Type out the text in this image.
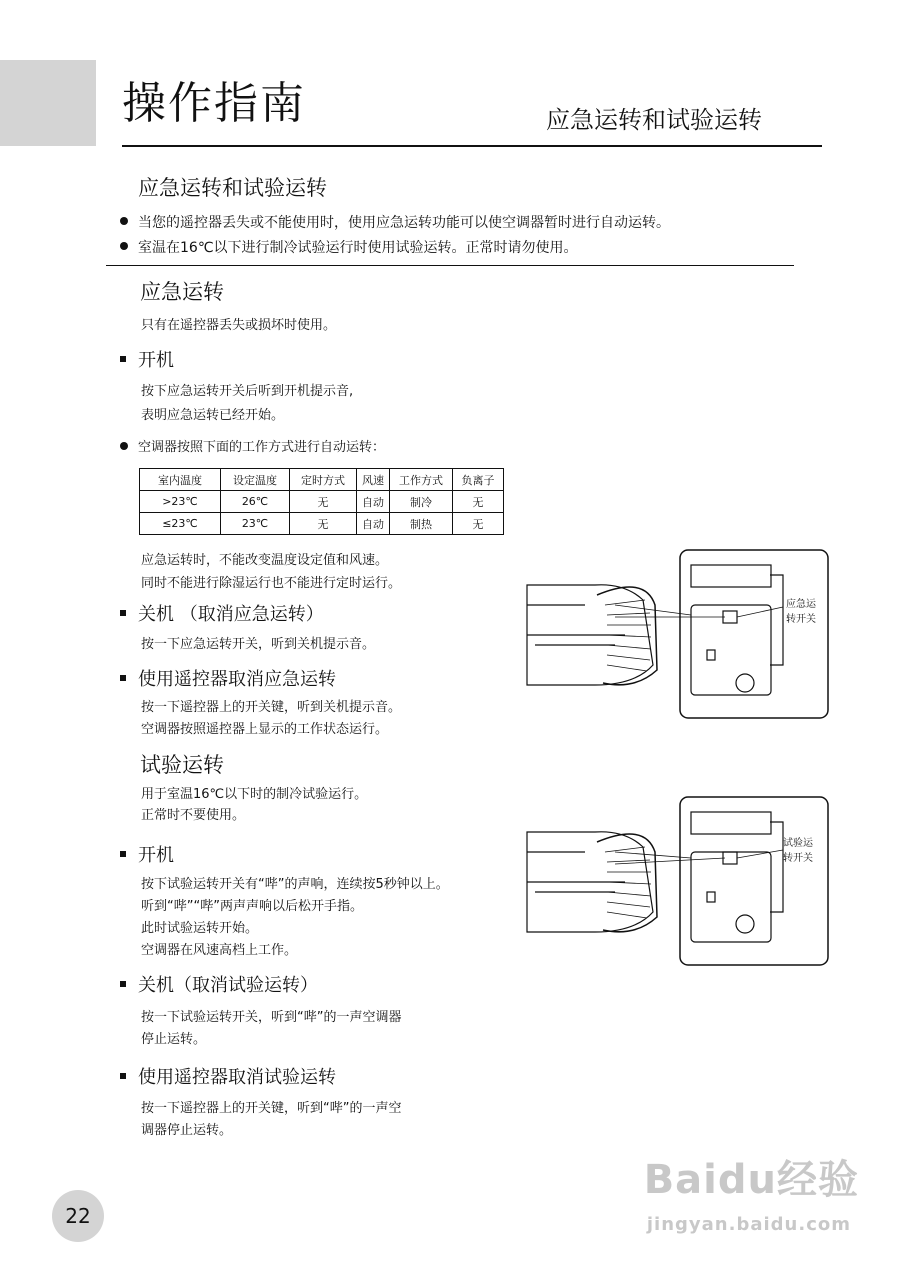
操作指南	应急运转和试验运转
应急运转和试验运转
当您的遥控器丢失或不能使用时，使用应急运转功能可以使空调器暂时进行自动运转。
室温在16℃以下进行制冷试验运行时使用试验运转。正常时请勿使用。
应急运转
只有在遥控器丢失或损坏时使用。
开机
按下应急运转开关后听到开机提示音,
表明应急运转已经开始。
空调器按照下面的工作方式进行自动运转：
室内温度	设定温度	定时方式	风速	工作方式	负离子
>23℃	26℃	无	自动	制冷	无
≤23℃	23℃	无	自动	制热	无
应急运转时，不能改变温度设定值和风速。
同时不能进行除湿运行也不能进行定时运行。
关机 （取消应急运转）
按一下应急运转开关，听到关机提示音。
使用遥控器取消应急运转
按一下遥控器上的开关键，听到关机提示音。
空调器按照遥控器上显示的工作状态运行。
应急运
转开关
试验运转
用于室温16℃以下时的制冷试验运行。
正常时不要使用。
开机
按下试验运转开关有“哔”的声响，连续按5秒钟以上。
听到“哔”“哔”两声声响以后松开手指。
此时试验运转开始。
空调器在风速高档上工作。
关机（取消试验运转）
按一下试验运转开关，听到“哔”的一声空调器
停止运转。
使用遥控器取消试验运转
按一下遥控器上的开关键，听到“哔”的一声空
调器停止运转。
试验运
转开关
22
Baidu经验
jingyan.baidu.com
